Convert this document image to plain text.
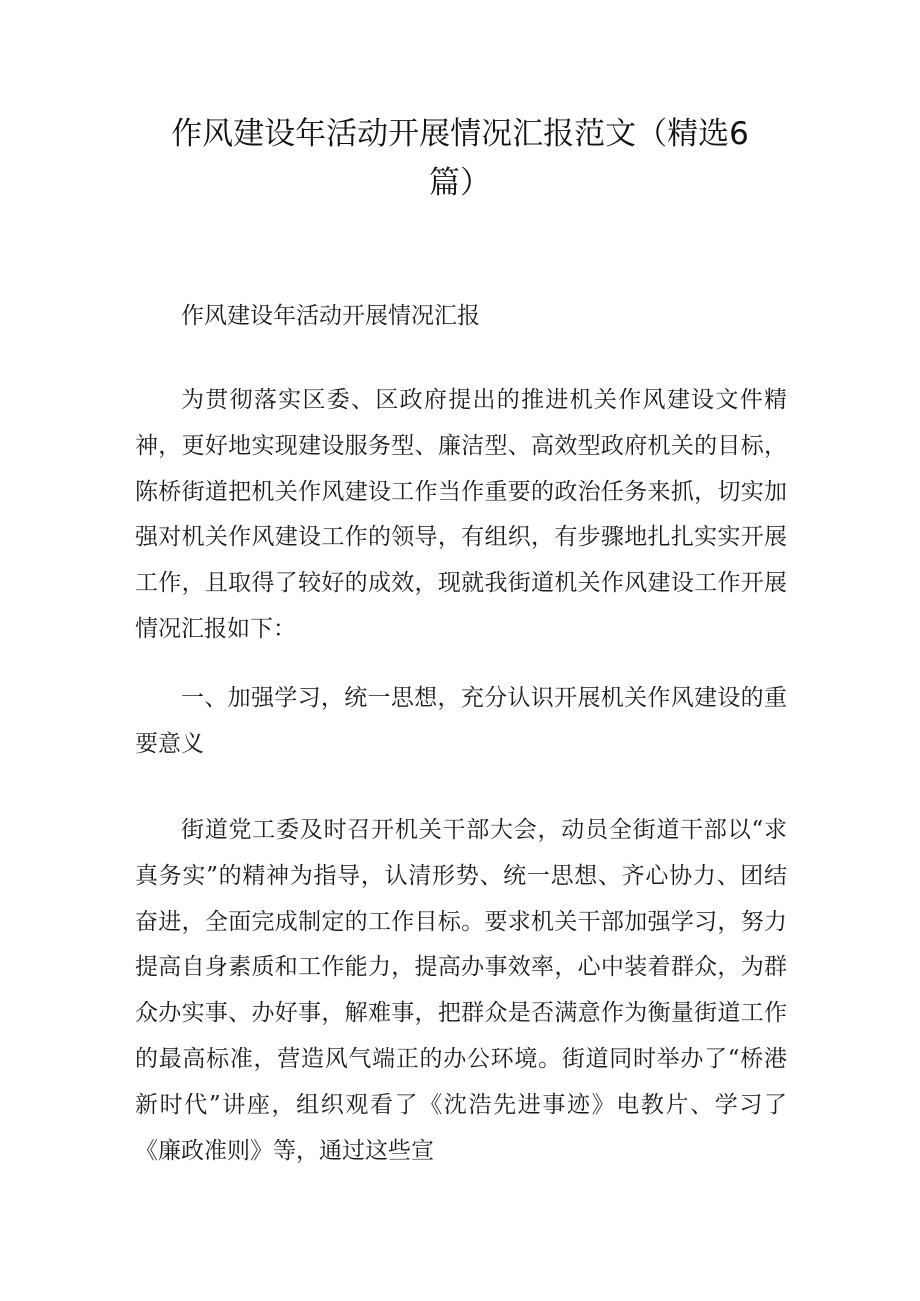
作风建设年活动开展情况汇报范文（精选6篇）

作风建设年活动开展情况汇报

为贯彻落实区委、区政府提出的推进机关作风建设文件精神，更好地实现建设服务型、廉洁型、高效型政府机关的目标，陈桥街道把机关作风建设工作当作重要的政治任务来抓，切实加强对机关作风建设工作的领导，有组织，有步骤地扎扎实实开展工作，且取得了较好的成效，现就我街道机关作风建设工作开展情况汇报如下：

一、加强学习，统一思想，充分认识开展机关作风建设的重要意义

街道党工委及时召开机关干部大会，动员全街道干部以“求真务实”的精神为指导，认清形势、统一思想、齐心协力、团结奋进，全面完成制定的工作目标。要求机关干部加强学习，努力提高自身素质和工作能力，提高办事效率，心中装着群众，为群众办实事、办好事，解难事，把群众是否满意作为衡量街道工作的最高标准，营造风气端正的办公环境。街道同时举办了“桥港新时代”讲座，组织观看了《沈浩先进事迹》电教片、学习了《廉政准则》等，通过这些宣
